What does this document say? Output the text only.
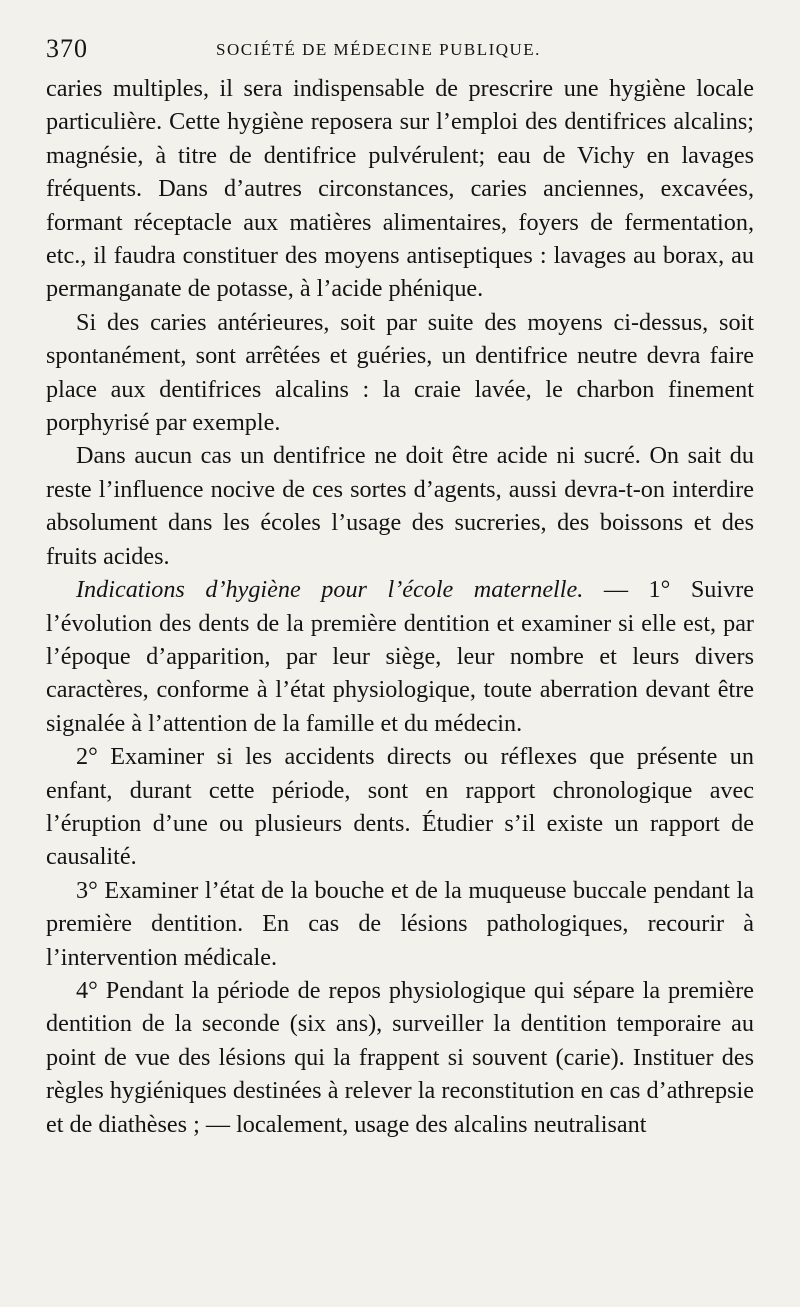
370	SOCIÉTÉ DE MÉDECINE PUBLIQUE.

caries multiples, il sera indispensable de prescrire une hygiène locale particulière. Cette hygiène reposera sur l’emploi des dentifrices alcalins; magnésie, à titre de dentifrice pulvérulent; eau de Vichy en lavages fréquents. Dans d’autres circonstances, caries anciennes, excavées, formant réceptacle aux matières alimentaires, foyers de fermentation, etc., il faudra constituer des moyens antiseptiques : lavages au borax, au permanganate de potasse, à l’acide phénique.

Si des caries antérieures, soit par suite des moyens ci-dessus, soit spontanément, sont arrêtées et guéries, un dentifrice neutre devra faire place aux dentifrices alcalins : la craie lavée, le charbon finement porphyrisé par exemple.

Dans aucun cas un dentifrice ne doit être acide ni sucré. On sait du reste l’influence nocive de ces sortes d’agents, aussi devra-t-on interdire absolument dans les écoles l’usage des sucreries, des boissons et des fruits acides.

Indications d’hygiène pour l’école maternelle. — 1° Suivre l’évolution des dents de la première dentition et examiner si elle est, par l’époque d’apparition, par leur siège, leur nombre et leurs divers caractères, conforme à l’état physiologique, toute aberration devant être signalée à l’attention de la famille et du médecin.

2° Examiner si les accidents directs ou réflexes que présente un enfant, durant cette période, sont en rapport chronologique avec l’éruption d’une ou plusieurs dents. Étudier s’il existe un rapport de causalité.

3° Examiner l’état de la bouche et de la muqueuse buccale pendant la première dentition. En cas de lésions pathologiques, recourir à l’intervention médicale.

4° Pendant la période de repos physiologique qui sépare la première dentition de la seconde (six ans), surveiller la dentition temporaire au point de vue des lésions qui la frappent si souvent (carie). Instituer des règles hygiéniques destinées à relever la reconstitution en cas d’athrepsie et de diathèses ; — localement, usage des alcalins neutralisant
